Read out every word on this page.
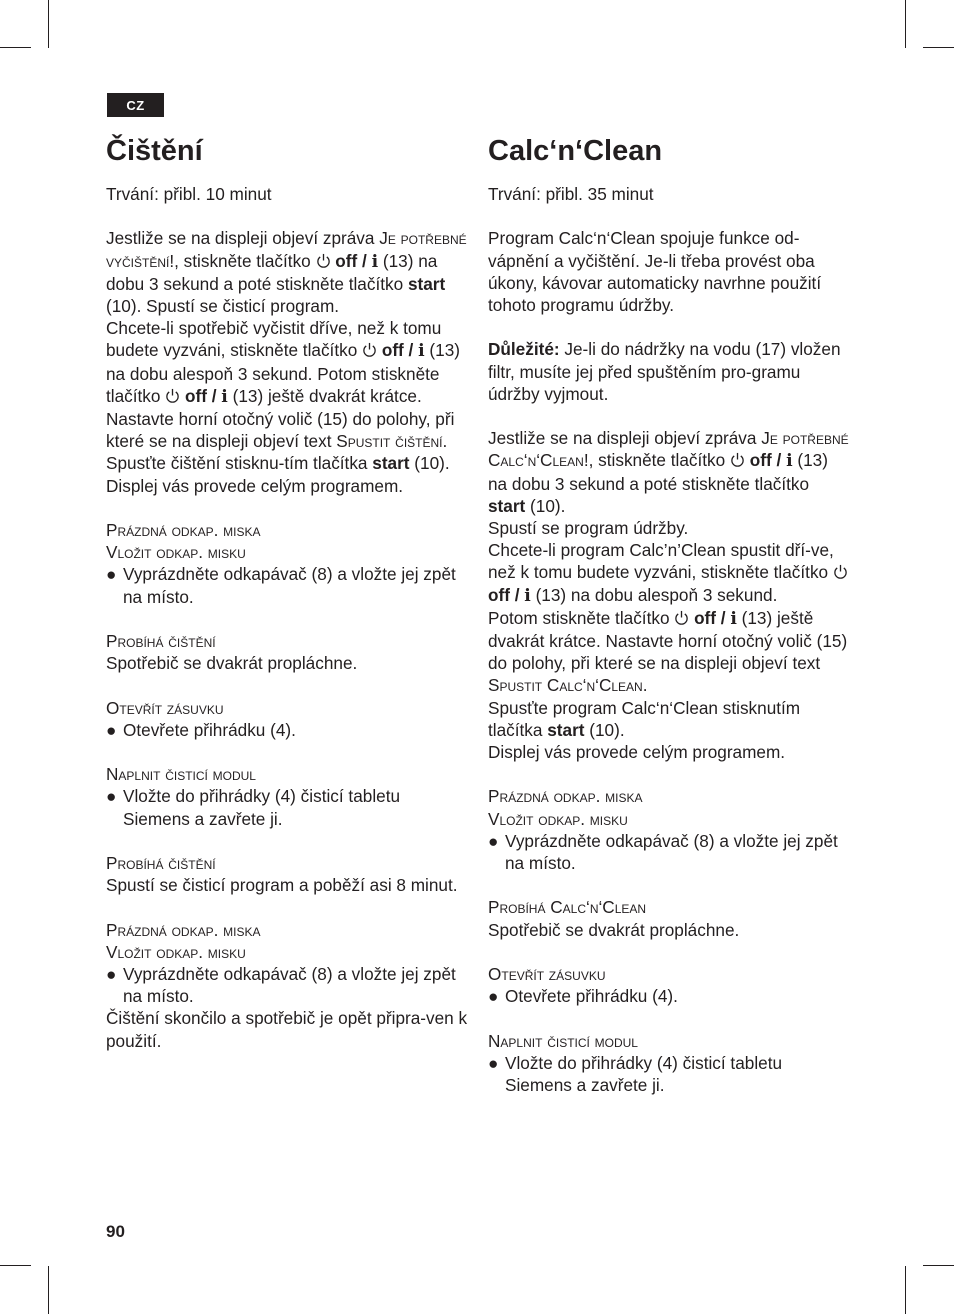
CZ
Čištění

Trvání: přibl. 10 minut

Jestliže se na displeji objeví zpráva Je potřebné vyčištění!, stiskněte tlačítko  off / i (13) na dobu 3 sekund a poté stiskněte tlačítko start (10). Spustí se čisticí program.

Chcete-li spotřebič vyčistit dříve, než k tomu budete vyzváni, stiskněte tlačítko  off / i (13) na dobu alespoň 3 sekund. Potom stiskněte tlačítko  off / i (13) ještě dvakrát krátce. Nastavte horní otočný volič (15) do polohy, při které se na displeji objeví text Spustit čištění. Spusťte čištění stisknu-tím tlačítka start (10).

Displej vás provede celým programem.

Prázdná odkap. miska

Vložit odkap. misku

● Vyprázdněte odkapávač (8) a vložte jej zpět na místo.

Probíhá čištění

Spotřebič se dvakrát propláchne.

Otevřít zásuvku

● Otevřete přihrádku (4).

Naplnit čisticí modul

● Vložte do přihrádky (4) čisticí tabletu Siemens a zavřete ji.

Probíhá čištění

Spustí se čisticí program a poběží asi 8 minut.

Prázdná odkap. miska

Vložit odkap. misku

● Vyprázdněte odkapávač (8) a vložte jej zpět na místo.

Čištění skončilo a spotřebič je opět připra-ven k použití.

Calc‘n‘Clean

Trvání: přibl. 35 minut

Program Calc‘n‘Clean spojuje funkce od-vápnění a vyčištění. Je-li třeba provést oba úkony, kávovar automaticky navrhne použití tohoto programu údržby.

Důležité: Je-li do nádržky na vodu (17) vložen filtr, musíte jej před spuštěním pro-gramu údržby vyjmout.

Jestliže se na displeji objeví zpráva Je potřebné Calc‘n‘Clean!, stiskněte tlačítko  off / i (13) na dobu 3 sekund a poté stiskněte tlačítko start (10).

Spustí se program údržby.

Chcete-li program Calc’n’Clean spustit dří-ve, než k tomu budete vyzváni, stiskněte tlačítko  off / i (13) na dobu alespoň 3 sekund.

Potom stiskněte tlačítko  off / i (13) ještě dvakrát krátce. Nastavte horní otočný volič (15) do polohy, při které se na displeji objeví text Spustit Calc‘n‘Clean.

Spusťte program Calc‘n‘Clean stisknutím tlačítka start (10).

Displej vás provede celým programem.

Prázdná odkap. miska

Vložit odkap. misku

● Vyprázdněte odkapávač (8) a vložte jej zpět na místo.

Probíhá Calc‘n‘Clean

Spotřebič se dvakrát propláchne.

Otevřít zásuvku

● Otevřete přihrádku (4).

Naplnit čisticí modul

● Vložte do přihrádky (4) čisticí tabletu Siemens a zavřete ji.
90
